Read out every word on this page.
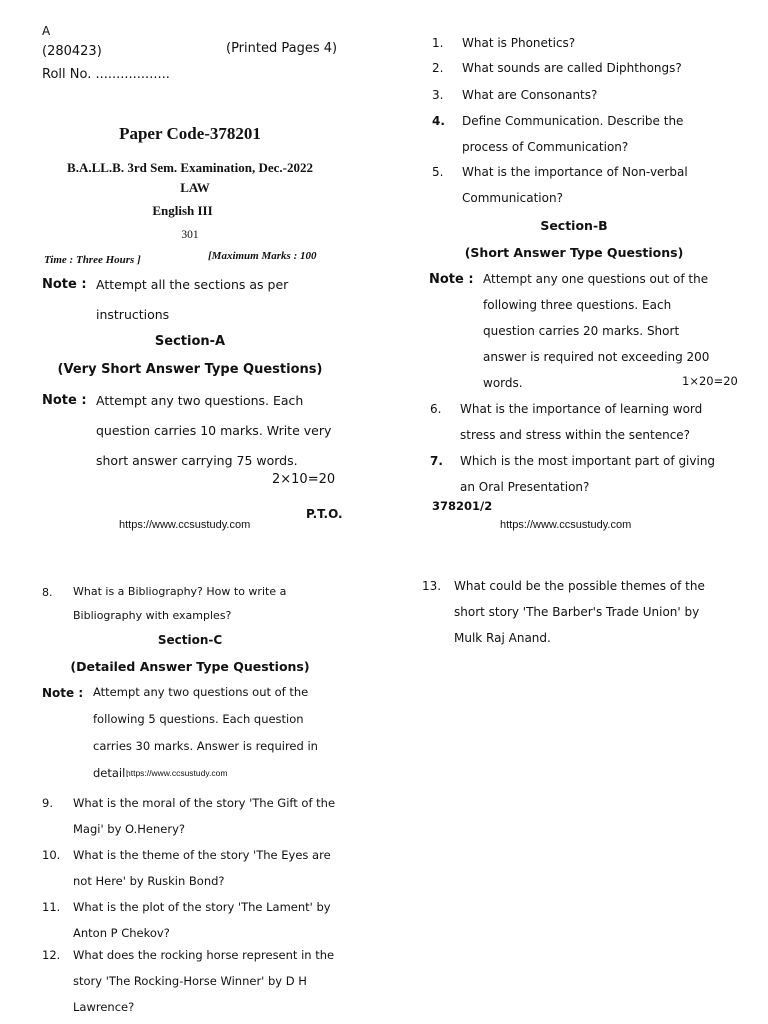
A
(280423)	(Printed Pages 4)
Roll No. ..................
Paper Code-378201
B.A.LL.B. 3rd Sem. Examination, Dec.-2022
LAW
English III
301
Time : Three Hours ]	[Maximum Marks : 100
Note : Attempt all the sections as per instructions
Section-A
(Very Short Answer Type Questions)
Note : Attempt any two questions. Each question carries 10 marks. Write very short answer carrying 75 words.
2×10=20
P.T.O.
https://www.ccsustudy.com
1. What is Phonetics?
2. What sounds are called Diphthongs?
3. What are Consonants?
4. Define Communication. Describe the process of Communication?
5. What is the importance of Non-verbal Communication?
Section-B
(Short Answer Type Questions)
Note : Attempt any one questions out of the following three questions. Each question carries 20 marks. Short answer is required not exceeding 200 words.	1×20=20
6. What is the importance of learning word stress and stress within the sentence?
7. Which is the most important part of giving an Oral Presentation?
378201/2
https://www.ccsustudy.com
8. What is a Bibliography? How to write a Bibliography with examples?
Section-C
(Detailed Answer Type Questions)
Note : Attempt any two questions out of the following 5 questions. Each question carries 30 marks. Answer is required in detail.
https://www.ccsustudy.com
9. What is the moral of the story 'The Gift of the Magi' by O.Henery?
10. What is the theme of the story 'The Eyes are not Here' by Ruskin Bond?
11. What is the plot of the story 'The Lament' by Anton P Chekov?
12. What does the rocking horse represent in the story 'The Rocking-Horse Winner' by D H Lawrence?
13. What could be the possible themes of the short story 'The Barber's Trade Union' by Mulk Raj Anand.
